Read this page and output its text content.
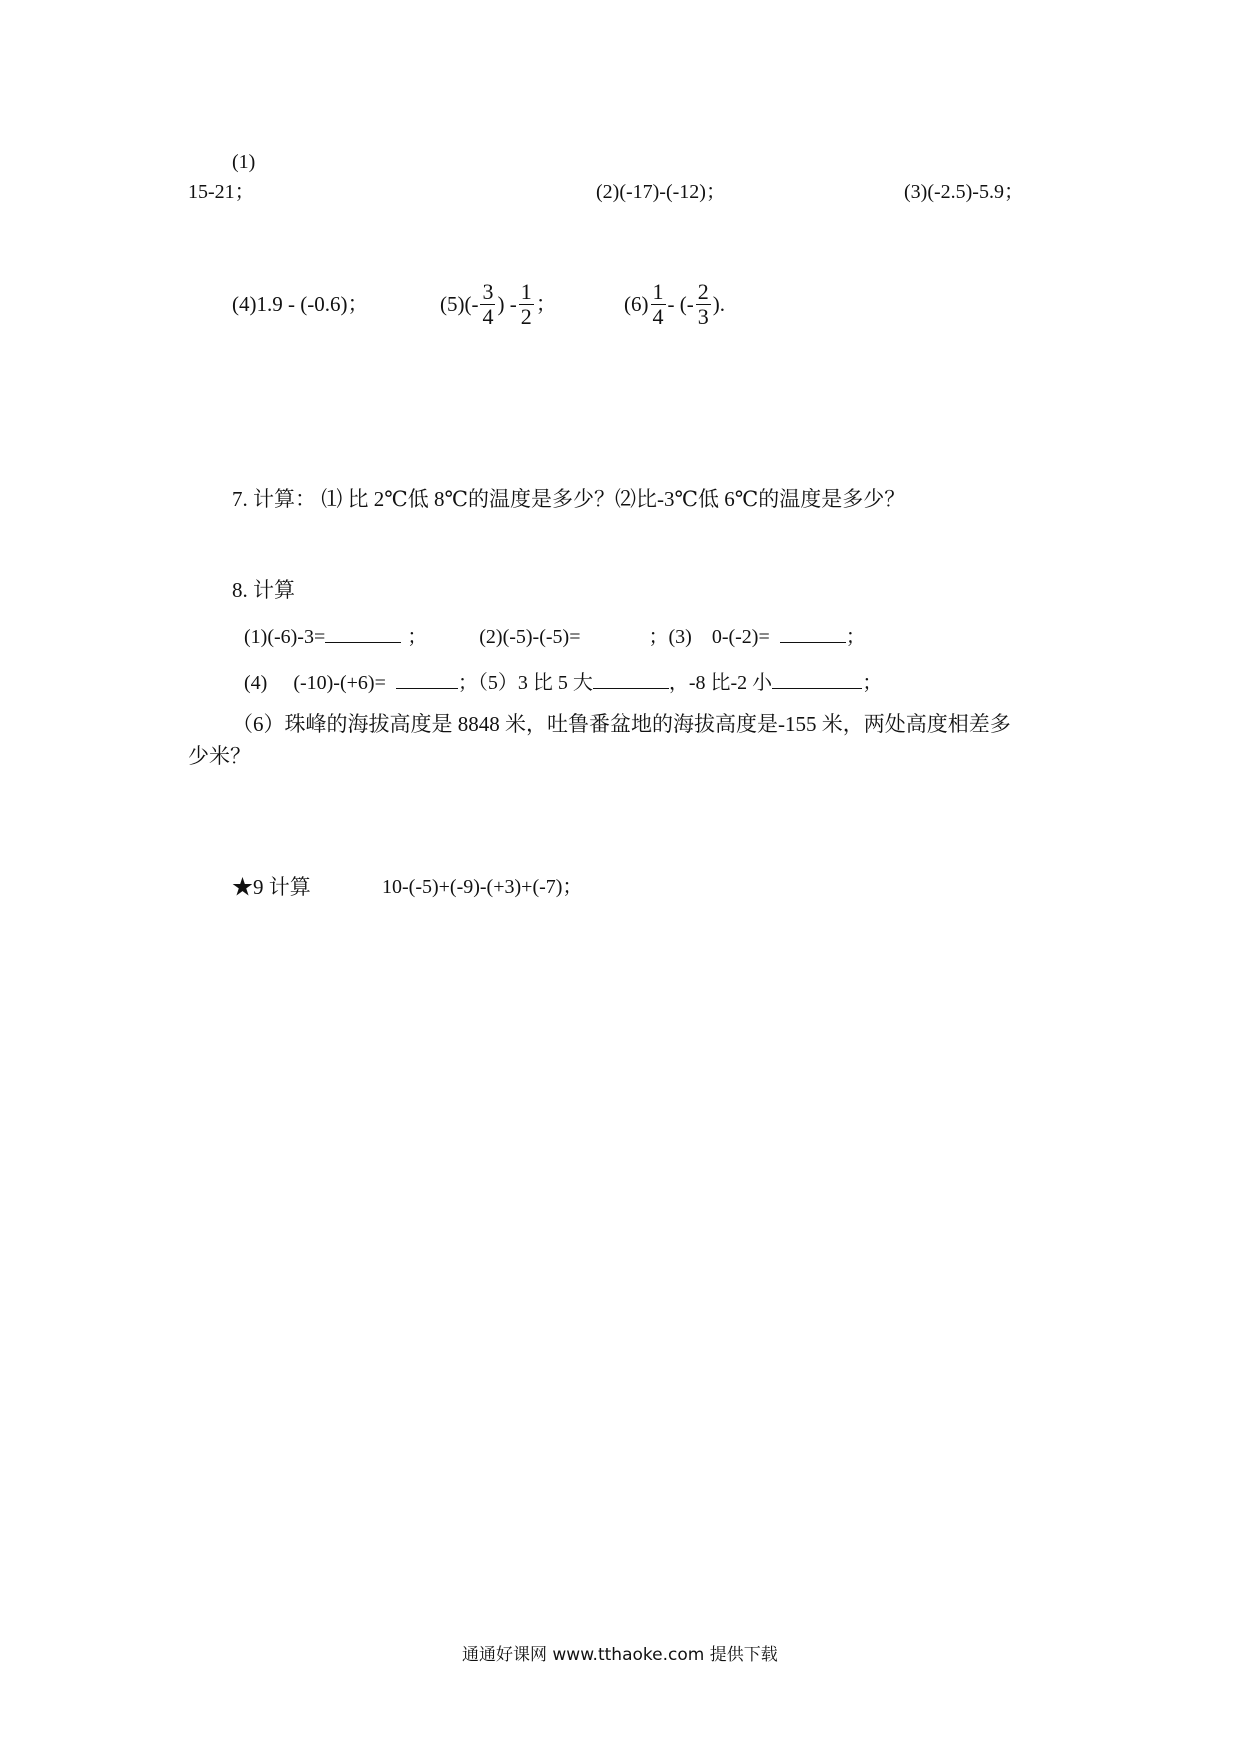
(1)
15-21；	(2)(-17)-(-12)；	(3)(-2.5)-5.9；
(4)1.9 - (-0.6)；	$(5)(- \frac{3}{4}$ ) - $\frac{1}{2}$ ；	$(6) \frac{1}{4}$ - (- $\frac{2}{3}$ ).
7. 计算： ⑴ 比 2℃低 8℃的温度是多少？⑵比-3℃低 6℃的温度是多少？
8. 计算
(1)(-6)-3=	；	(2)(-5)-(-5)=	；(3) 0-(-2)=	；
(4) (-10)-(+6)=	；（5）3 比 5 大	，-8 比-2 小	；
（6）珠峰的海拔高度是 8848 米，吐鲁番盆地的海拔高度是-155 米，两处高度相差多
少米？
★9 计算	10-(-5)+(-9)-(+3)+(-7)；
通通好课网 www.tthaoke.com 提供下载
